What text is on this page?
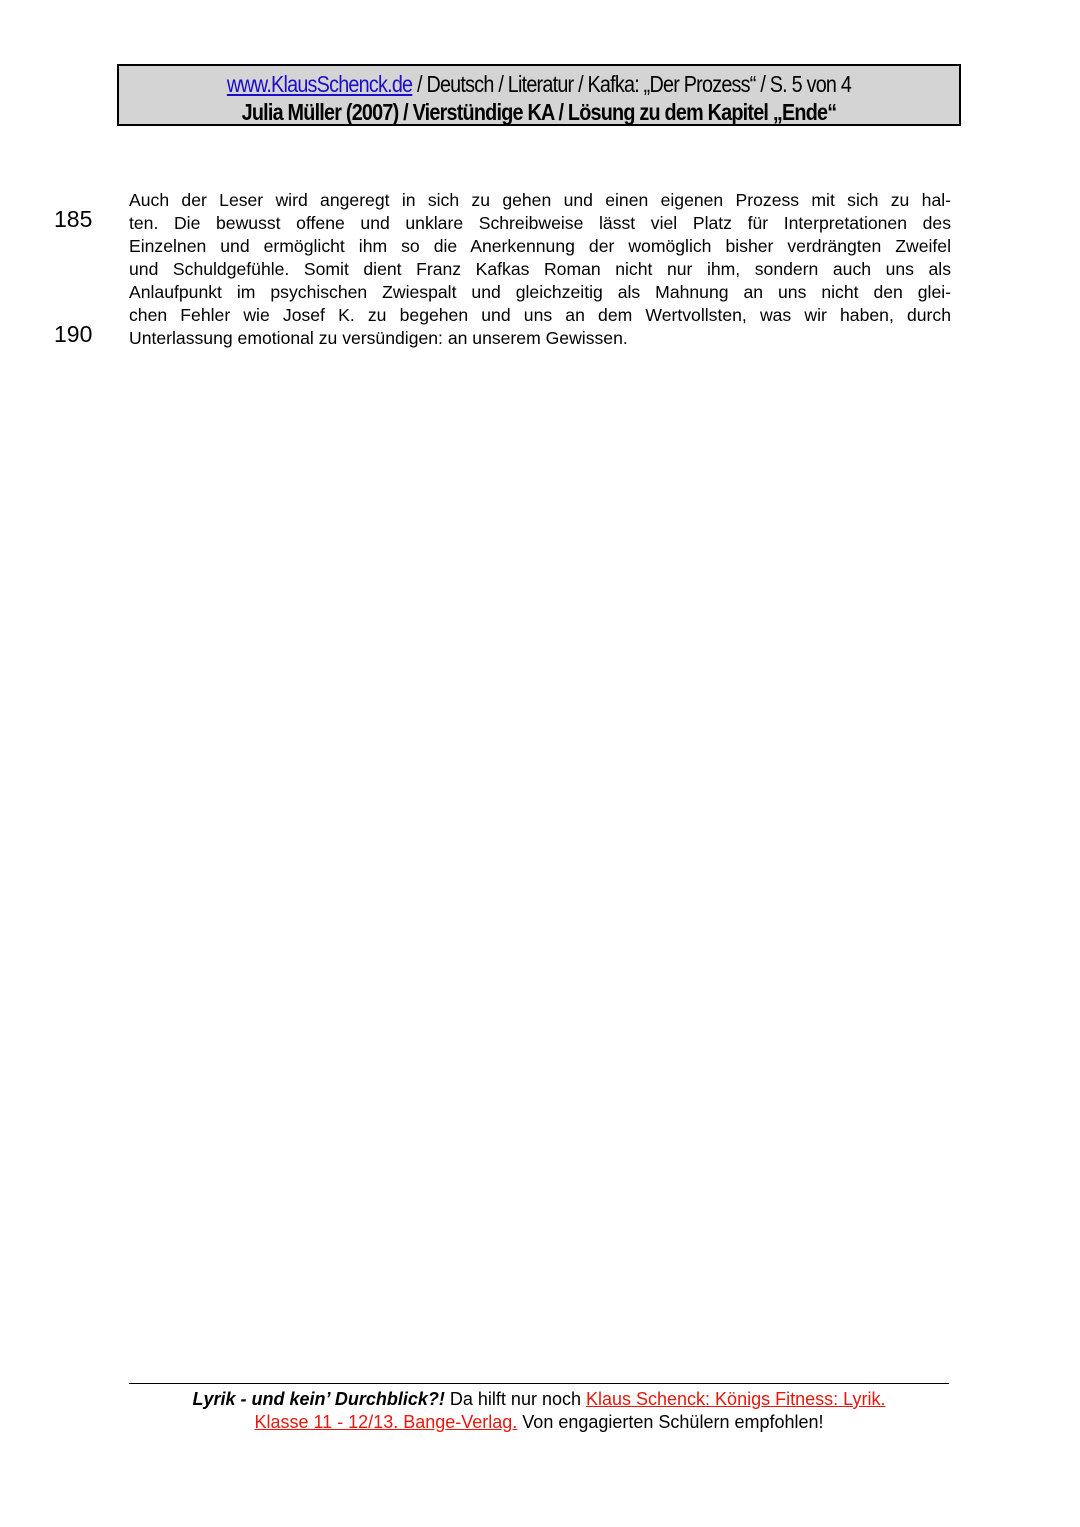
www.KlausSchenck.de / Deutsch / Literatur / Kafka: „Der Prozess“ / S. 5 von 4
Julia Müller (2007) / Vierstündige KA / Lösung zu dem Kapitel „Ende“
185
190
Auch der Leser wird angeregt in sich zu gehen und einen eigenen Prozess mit sich zu hal-
ten. Die bewusst offene und unklare Schreibweise lässt viel Platz für Interpretationen des
Einzelnen und ermöglicht ihm so die Anerkennung der womöglich bisher verdrängten Zweifel
und Schuldgefühle. Somit dient Franz Kafkas Roman nicht nur ihm, sondern auch uns als
Anlaufpunkt im psychischen Zwiespalt und gleichzeitig als Mahnung an uns nicht den glei-
chen Fehler wie Josef K. zu begehen und uns an dem Wertvollsten, was wir haben, durch
Unterlassung emotional zu versündigen: an unserem Gewissen.
Lyrik - und kein’ Durchblick?! Da hilft nur noch Klaus Schenck: Königs Fitness: Lyrik.
Klasse 11 - 12/13. Bange-Verlag. Von engagierten Schülern empfohlen!
